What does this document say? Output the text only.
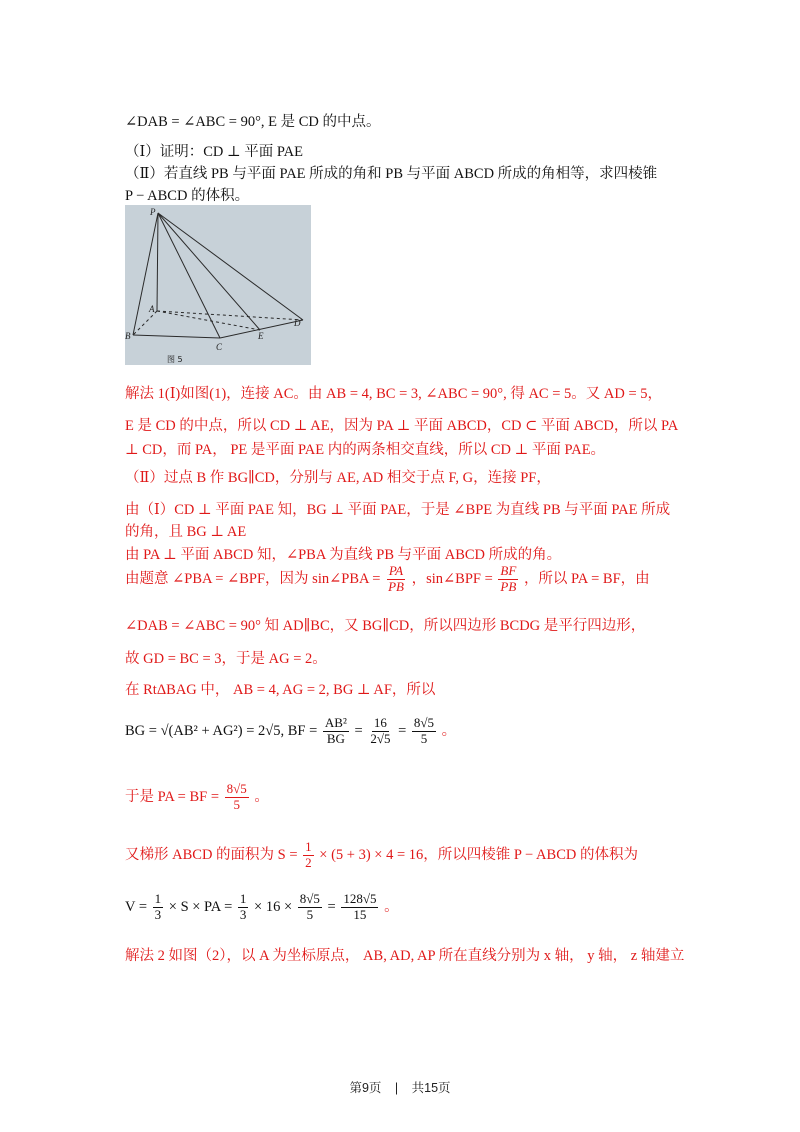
∠DAB = ∠ABC = 90°, E 是 CD 的中点。
（Ⅰ）证明：CD ⊥ 平面 PAE
（Ⅱ）若直线 PB 与平面 PAE 所成的角和 PB 与平面 ABCD 所成的角相等，求四棱锥
P − ABCD 的体积。
P
A
B
C
D
E
图 5
解法 1(Ⅰ)如图(1)，连接 AC。由 AB = 4, BC = 3, ∠ABC = 90°, 得 AC = 5。又 AD = 5，
E 是 CD 的中点，所以 CD ⊥ AE，因为 PA ⊥ 平面 ABCD，CD ⊂ 平面 ABCD，所以 PA
⊥ CD，而 PA， PE 是平面 PAE 内的两条相交直线，所以 CD ⊥ 平面 PAE。
（Ⅱ）过点 B 作 BG∥CD，分别与 AE, AD 相交于点 F, G，连接 PF，
由（Ⅰ）CD ⊥ 平面 PAE 知，BG ⊥ 平面 PAE，于是 ∠BPE 为直线 PB 与平面 PAE 所成
的角，且 BG ⊥ AE
由 PA ⊥ 平面 ABCD 知，∠PBA 为直线 PB 与平面 ABCD 所成的角。
由题意 ∠PBA = ∠BPF，因为 sin∠PBA = $\frac{PA}{PB}$ ，sin∠BPF = $\frac{BF}{PB}$ ，所以 PA = BF，由
∠DAB = ∠ABC = 90° 知 AD∥BC，又 BG∥CD，所以四边形 BCDG 是平行四边形，
故 GD = BC = 3，于是 AG = 2。
在 RtΔBAG 中， AB = 4, AG = 2, BG ⊥ AF，所以
BG = √(AB² + AG²) = 2√5, BF = $\frac{\text{AB²}}{BG} = \frac{16}{2√5} = \frac{8√5}{5}$ 。
于是 PA = BF = $\frac{8√5}{5}$ 。
又梯形 ABCD 的面积为 $S = \frac{1}{2} \times (5 + 3) \times 4 = 16$，所以四棱锥 P − ABCD 的体积为
$V = \frac{1}{3} \times S$ × PA = $\frac{1}{3} \times 16 \times \frac{8√5}{5} = \frac{128√5}{15}$ 。
解法 2 如图（2），以 A 为坐标原点， AB, AD, AP 所在直线分别为 x 轴， y 轴， z 轴建立
第9页 | 共15页
